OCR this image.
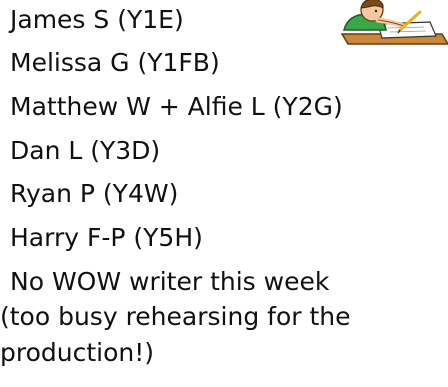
James S (Y1E)
Melissa G (Y1FB)
Matthew W + Alfie L (Y2G)
Dan L (Y3D)
Ryan P (Y4W)
Harry F-P (Y5H)
No WOW writer this week
(too busy rehearsing for the
production!)
